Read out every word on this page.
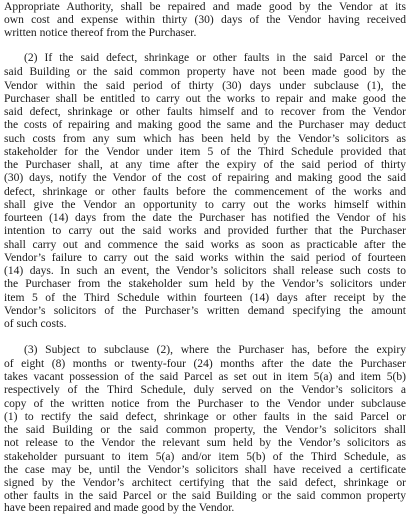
Appropriate Authority, shall be repaired and made good by the Vendor at its
own cost and expense within thirty (30) days of the Vendor having received
written notice thereof from the Purchaser.
(2) If the said defect, shrinkage or other faults in the said Parcel or the
said Building or the said common property have not been made good by the
Vendor within the said period of thirty (30) days under subclause (1), the
Purchaser shall be entitled to carry out the works to repair and make good the
said defect, shrinkage or other faults himself and to recover from the Vendor
the costs of repairing and making good the same and the Purchaser may deduct
such costs from any sum which has been held by the Vendor’s solicitors as
stakeholder for the Vendor under item 5 of the Third Schedule provided that
the Purchaser shall, at any time after the expiry of the said period of thirty
(30) days, notify the Vendor of the cost of repairing and making good the said
defect, shrinkage or other faults before the commencement of the works and
shall give the Vendor an opportunity to carry out the works himself within
fourteen (14) days from the date the Purchaser has notified the Vendor of his
intention to carry out the said works and provided further that the Purchaser
shall carry out and commence the said works as soon as practicable after the
Vendor’s failure to carry out the said works within the said period of fourteen
(14) days. In such an event, the Vendor’s solicitors shall release such costs to
the Purchaser from the stakeholder sum held by the Vendor’s solicitors under
item 5 of the Third Schedule within fourteen (14) days after receipt by the
Vendor’s solicitors of the Purchaser’s written demand specifying the amount
of such costs.
(3) Subject to subclause (2), where the Purchaser has, before the expiry
of eight (8) months or twenty-four (24) months after the date the Purchaser
takes vacant possession of the said Parcel as set out in item 5(a) and item 5(b)
respectively of the Third Schedule, duly served on the Vendor’s solicitors a
copy of the written notice from the Purchaser to the Vendor under subclause
(1) to rectify the said defect, shrinkage or other faults in the said Parcel or
the said Building or the said common property, the Vendor’s solicitors shall
not release to the Vendor the relevant sum held by the Vendor’s solicitors as
stakeholder pursuant to item 5(a) and/or item 5(b) of the Third Schedule, as
the case may be, until the Vendor’s solicitors shall have received a certificate
signed by the Vendor’s architect certifying that the said defect, shrinkage or
other faults in the said Parcel or the said Building or the said common property
have been repaired and made good by the Vendor.
